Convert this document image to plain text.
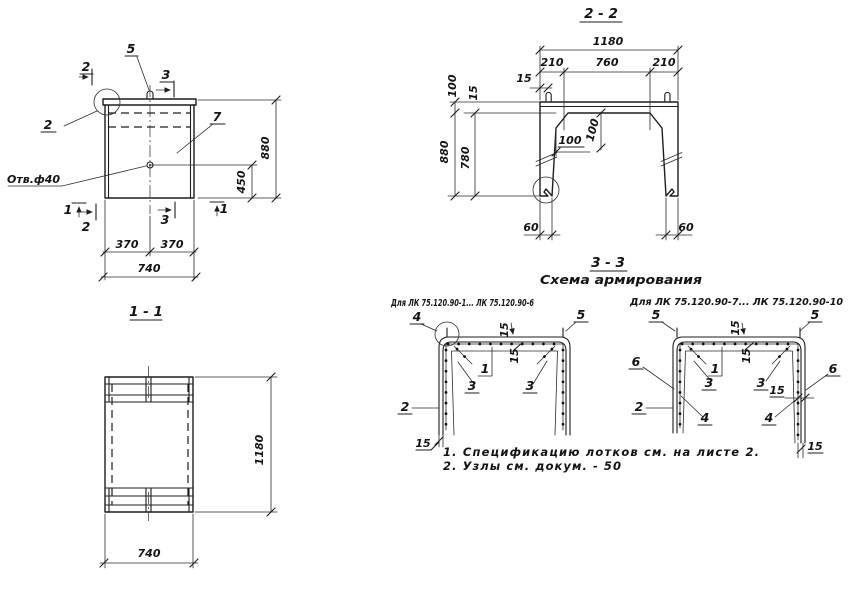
5
2
3
2
7
Отв.ф40
1
2	3
1
880
450
370 370
740
2 - 2
1180
210	760	210
15
100 15
880 780
100 100
60	60
1 - 1
1180
740
3 - 3
Схема армирования
Для ЛК 75.120.90-1... ЛК 75.120.90-6	Для ЛК 75.120.90-7... ЛК 75.120.90-10
4	5
15
15
1
3	3
2
15
5	5
15
15
1
3	3
6	6
2
4	4
15
15
1. Спецификацию лотков см. на листе 2.
2. Узлы см. докум. - 50
